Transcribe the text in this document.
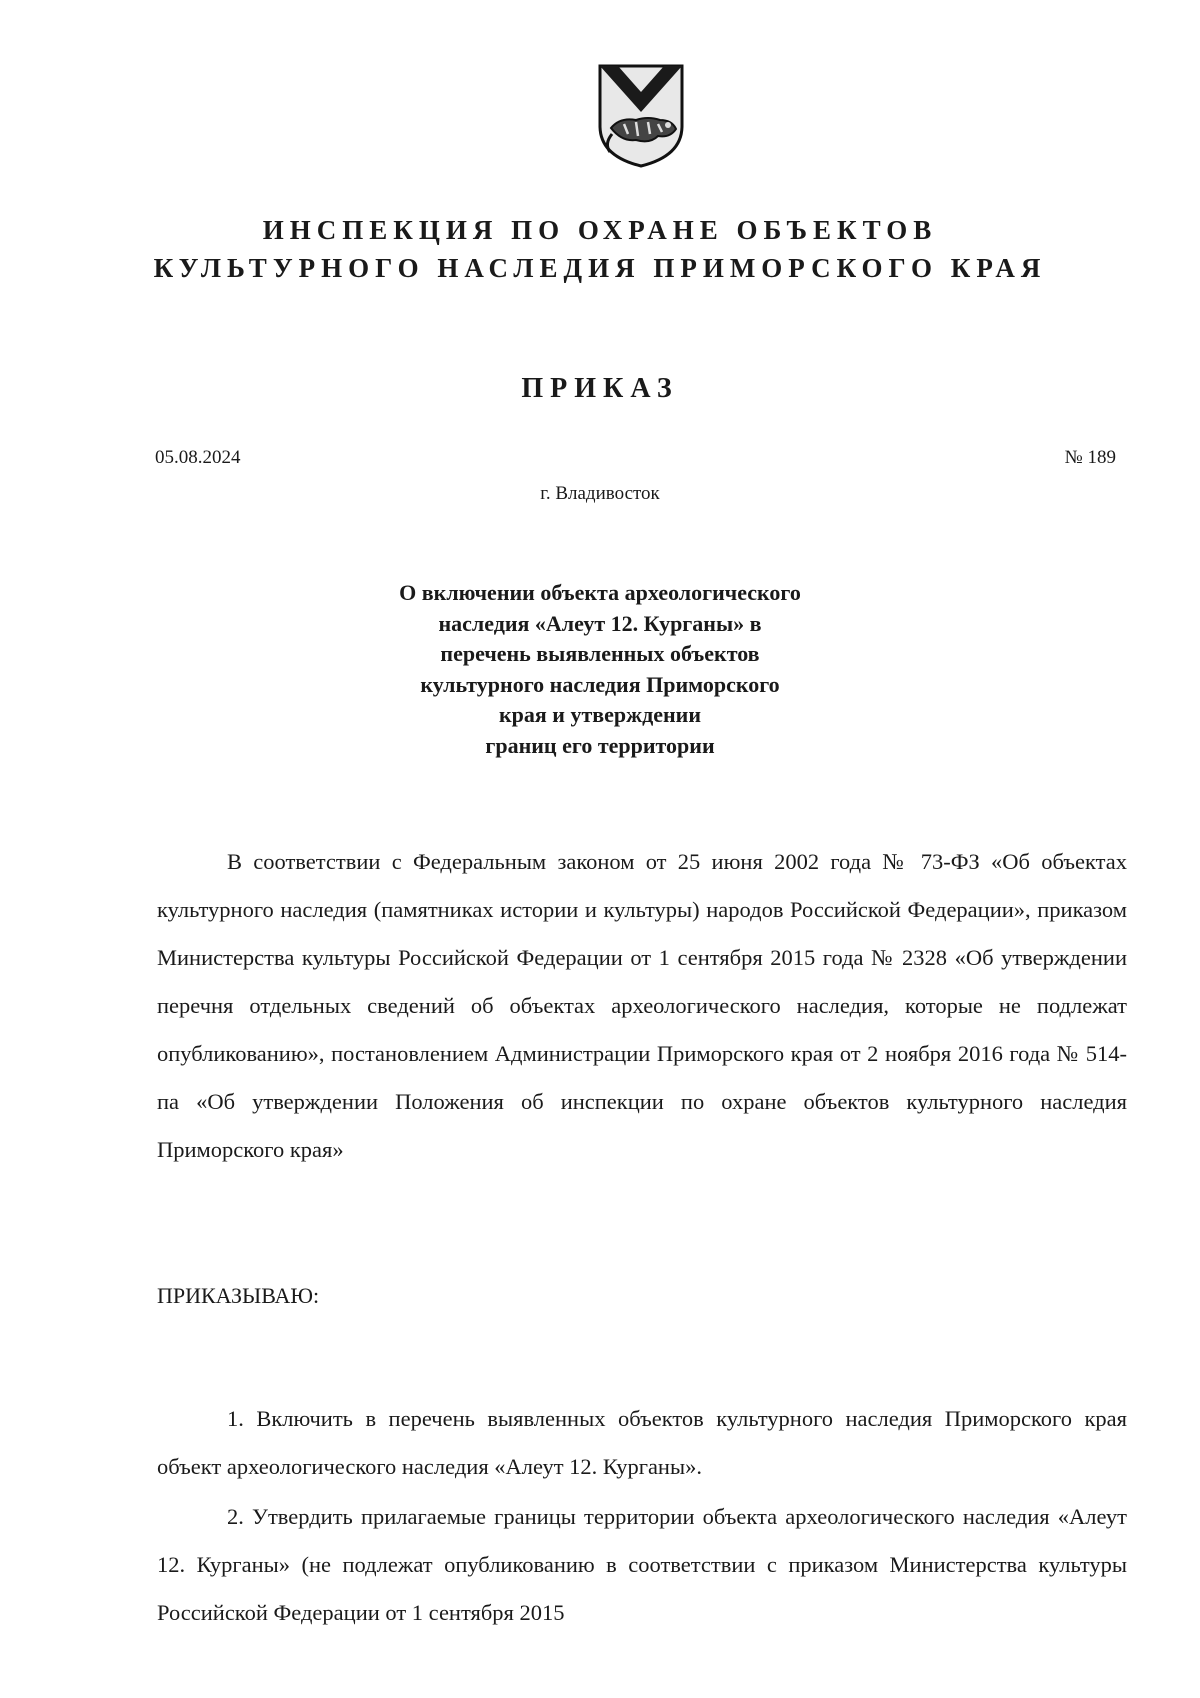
ИНСПЕКЦИЯ ПО ОХРАНЕ ОБЪЕКТОВ
КУЛЬТУРНОГО НАСЛЕДИЯ ПРИМОРСКОГО КРАЯ
ПРИКАЗ
05.08.2024	№ 189
г. Владивосток
О включении объекта археологического
наследия «Алеут 12. Курганы» в
перечень выявленных объектов
культурного наследия Приморского
края и утверждении
границ его территории
В соответствии с Федеральным законом от 25 июня 2002 года № 73-ФЗ «Об объектах культурного наследия (памятниках истории и культуры) народов Российской Федерации», приказом Министерства культуры Российской Федерации от 1 сентября 2015 года № 2328 «Об утверждении перечня отдельных сведений об объектах археологического наследия, которые не подлежат опубликованию», постановлением Администрации Приморского края от 2 ноября 2016 года № 514-па «Об утверждении Положения об инспекции по охране объектов культурного наследия Приморского края»
ПРИКАЗЫВАЮ:
1. Включить в перечень выявленных объектов культурного наследия Приморского края объект археологического наследия «Алеут 12. Курганы».
2. Утвердить прилагаемые границы территории объекта археологического наследия «Алеут 12. Курганы» (не подлежат опубликованию в соответствии с приказом Министерства культуры Российской Федерации от 1 сентября 2015
